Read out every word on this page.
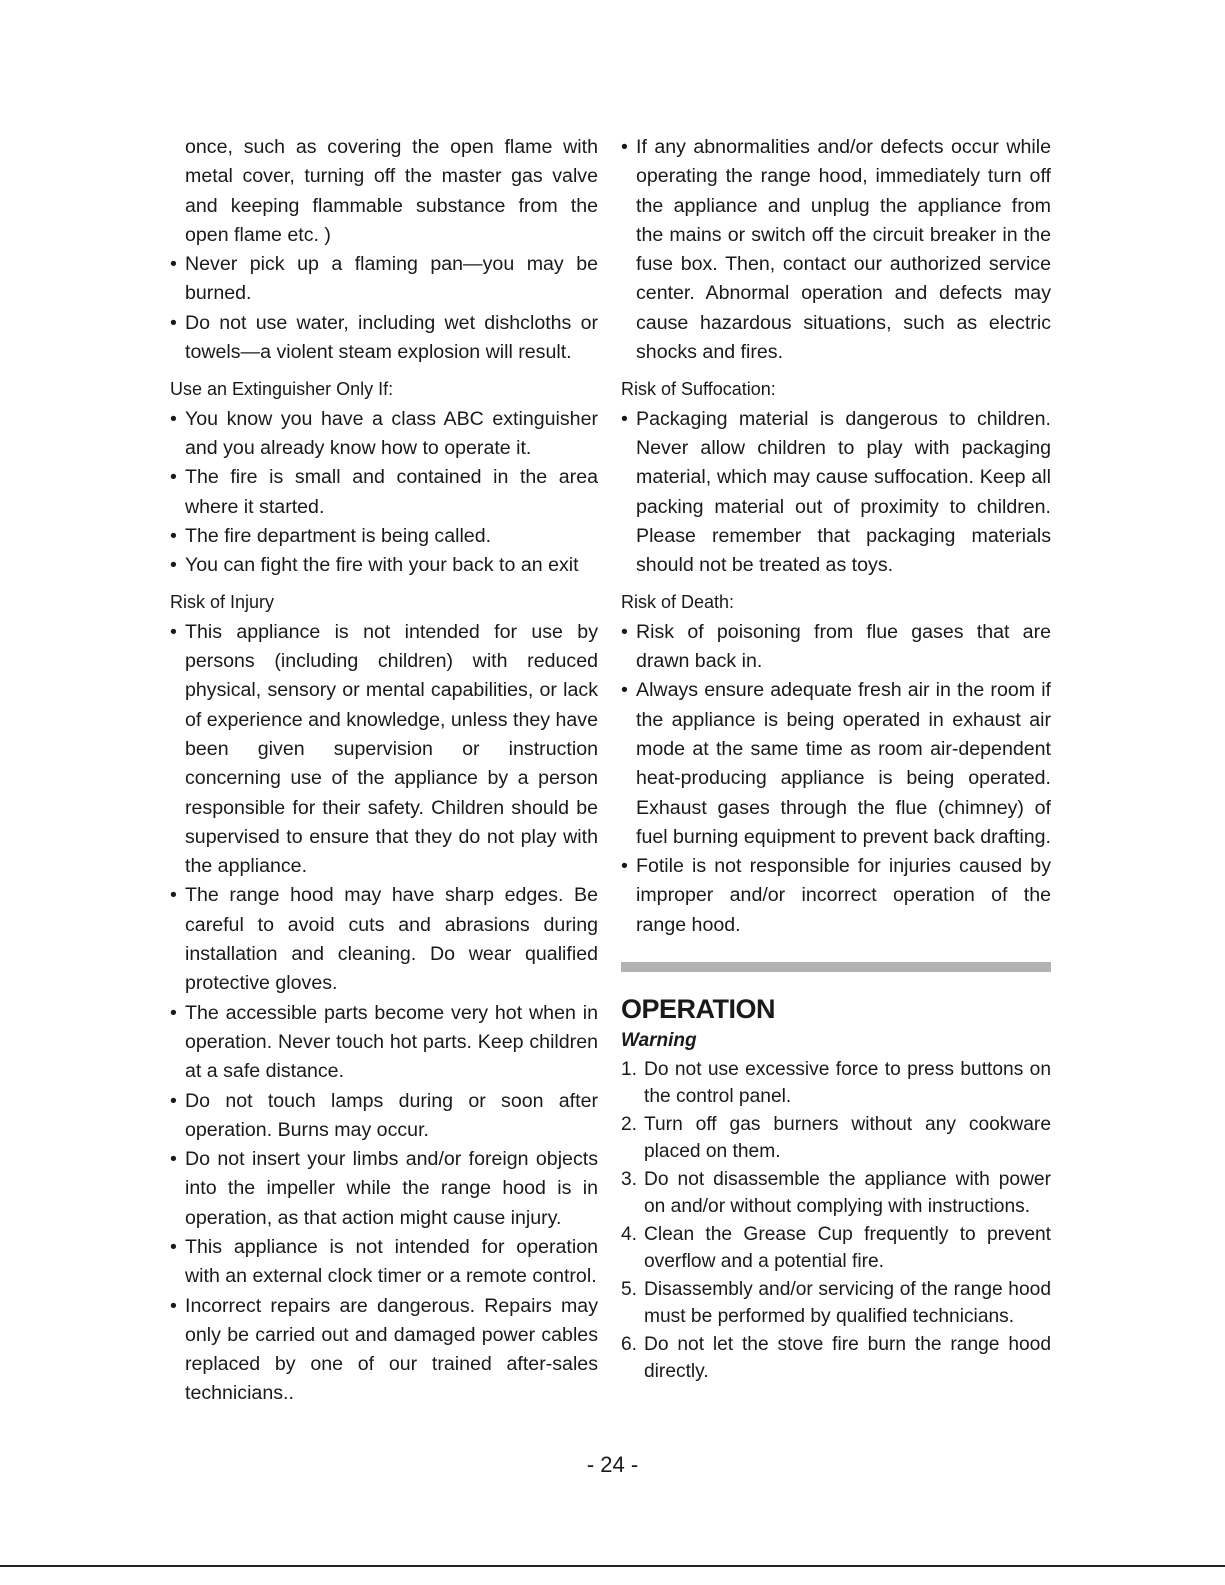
once, such as covering the open flame with metal cover, turning off the master gas valve and keeping flammable substance from the open flame etc. )

• Never pick up a flaming pan—you may be burned.

• Do not use water, including wet dishcloths or towels—a violent steam explosion will result.

Use an Extinguisher Only If:

• You know you have a class ABC extinguisher and you already know how to operate it.

• The fire is small and contained in the area where it started.

• The fire department is being called.

• You can fight the fire with your back to an exit

Risk of Injury

• This appliance is not intended for use by persons (including children) with reduced physical, sensory or mental capabilities, or lack of experience and knowledge, unless they have been given supervision or instruction concerning use of the appliance by a person responsible for their safety. Children should be supervised to ensure that they do not play with the appliance.

• The range hood may have sharp edges. Be careful to avoid cuts and abrasions during installation and cleaning. Do wear qualified protective gloves.

• The accessible parts become very hot when in operation. Never touch hot parts. Keep children at a safe distance.

• Do not touch lamps during or soon after operation. Burns may occur.

• Do not insert your limbs and/or foreign objects into the impeller while the range hood is in operation, as that action might cause injury.

• This appliance is not intended for operation with an external clock timer or a remote control.

• Incorrect repairs are dangerous. Repairs may only be carried out and damaged power cables replaced by one of our trained after-sales technicians..

• If any abnormalities and/or defects occur while operating the range hood, immediately turn off the appliance and unplug the appliance from the mains or switch off the circuit breaker in the fuse box. Then, contact our authorized service center. Abnormal operation and defects may cause hazardous situations, such as electric shocks and fires.

Risk of Suffocation:

• Packaging material is dangerous to children. Never allow children to play with packaging material, which may cause suffocation. Keep all packing material out of proximity to children. Please remember that packaging materials should not be treated as toys.

Risk of Death:

• Risk of poisoning from flue gases that are drawn back in.

• Always ensure adequate fresh air in the room if the appliance is being operated in exhaust air mode at the same time as room air-dependent heat-producing appliance is being operated. Exhaust gases through the flue (chimney) of fuel burning equipment to prevent back drafting.

• Fotile is not responsible for injuries caused by improper and/or incorrect operation of the range hood.

OPERATION
Warning

1. Do not use excessive force to press buttons on the control panel.

2. Turn off gas burners without any cookware placed on them.

3. Do not disassemble the appliance with power on and/or without complying with instructions.

4. Clean the Grease Cup frequently to prevent overflow and a potential fire.

5. Disassembly and/or servicing of the range hood must be performed by qualified technicians.

6. Do not let the stove fire burn the range hood directly.

- 24 -
